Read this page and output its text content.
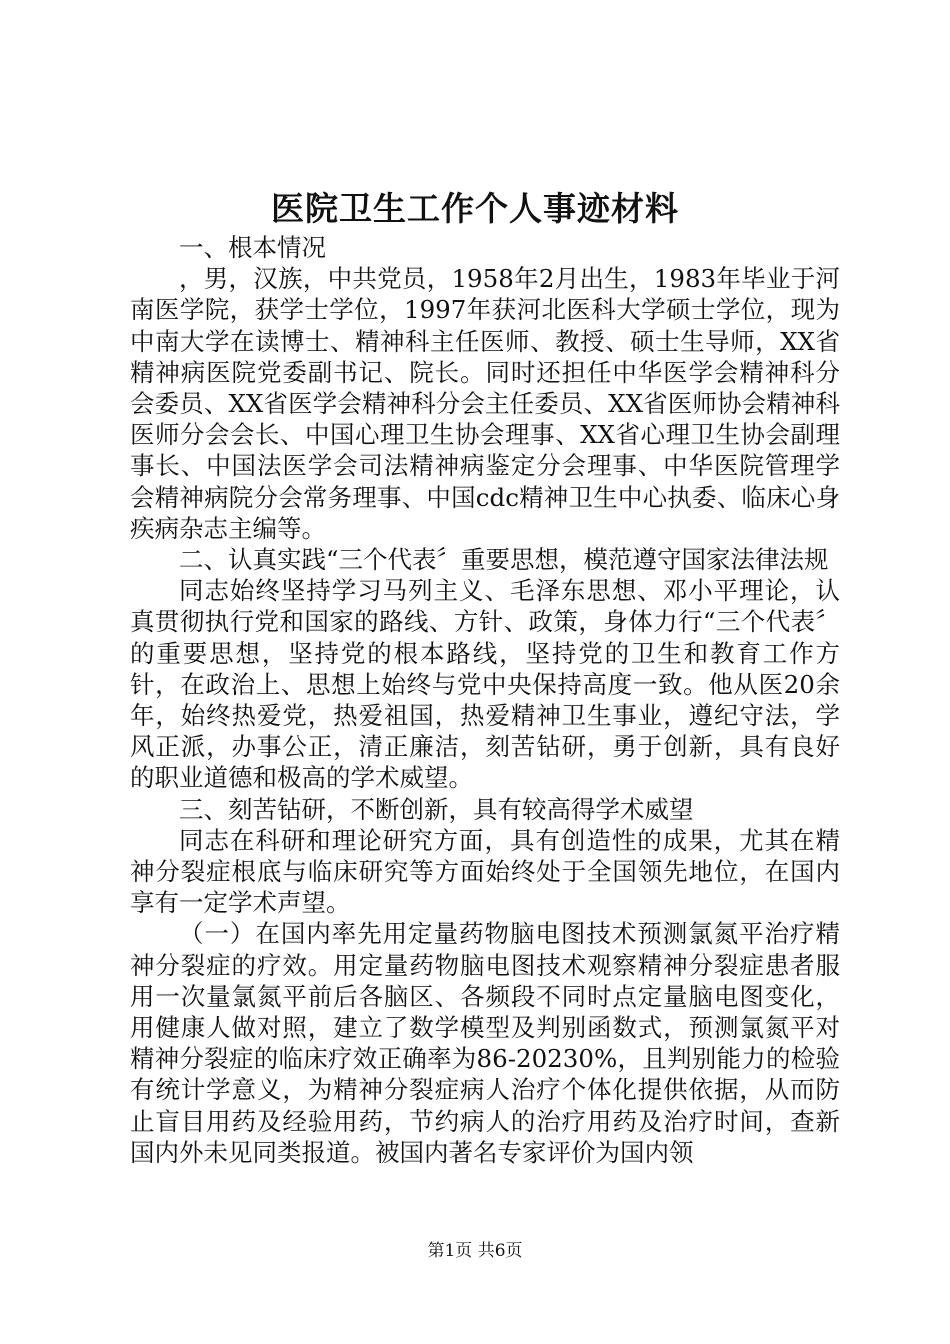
医院卫生工作个人事迹材料

一、根本情况

，男，汉族，中共党员，1958年2月出生，1983年毕业于河南医学院，获学士学位，1997年获河北医科大学硕士学位，现为中南大学在读博士、精神科主任医师、教授、硕士生导师，XX省精神病医院党委副书记、院长。同时还担任中华医学会精神科分会委员、XX省医学会精神科分会主任委员、XX省医师协会精神科医师分会会长、中国心理卫生协会理事、XX省心理卫生协会副理事长、中国法医学会司法精神病鉴定分会理事、中华医院管理学会精神病院分会常务理事、中国cdc精神卫生中心执委、临床心身疾病杂志主编等。

二、认真实践“三个代表〞重要思想，模范遵守国家法律法规

同志始终坚持学习马列主义、毛泽东思想、邓小平理论，认真贯彻执行党和国家的路线、方针、政策，身体力行“三个代表〞的重要思想，坚持党的根本路线，坚持党的卫生和教育工作方针，在政治上、思想上始终与党中央保持高度一致。他从医20余年，始终热爱党，热爱祖国，热爱精神卫生事业，遵纪守法，学风正派，办事公正，清正廉洁，刻苦钻研，勇于创新，具有良好的职业道德和极高的学术威望。

三、刻苦钻研，不断创新，具有较高得学术威望

同志在科研和理论研究方面，具有创造性的成果，尤其在精神分裂症根底与临床研究等方面始终处于全国领先地位，在国内享有一定学术声望。

（一）在国内率先用定量药物脑电图技术预测氯氮平治疗精神分裂症的疗效。用定量药物脑电图技术观察精神分裂症患者服用一次量氯氮平前后各脑区、各频段不同时点定量脑电图变化，用健康人做对照，建立了数学模型及判别函数式，预测氯氮平对精神分裂症的临床疗效正确率为86-20230%，且判别能力的检验有统计学意义，为精神分裂症病人治疗个体化提供依据，从而防止盲目用药及经验用药，节约病人的治疗用药及治疗时间，查新国内外未见同类报道。被国内著名专家评价为国内领

第1页 共6页
